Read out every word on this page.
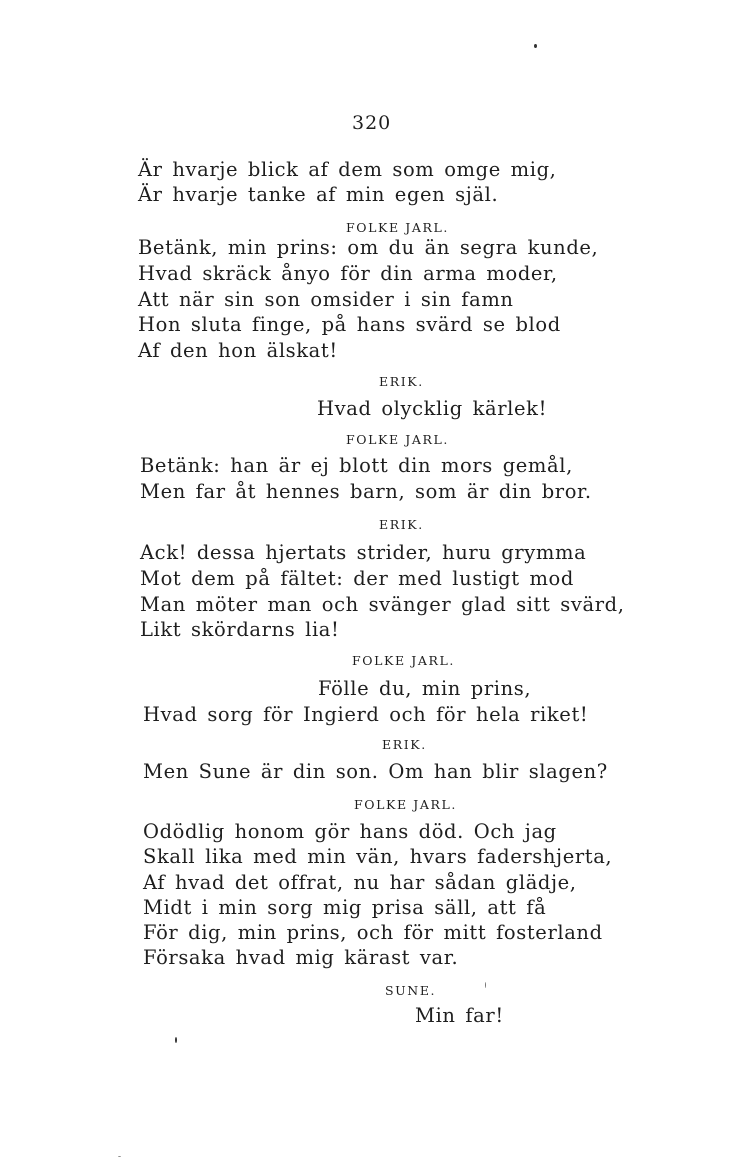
320
Är hvarje blick af dem som omge mig,
Är hvarje tanke af min egen själ.
FOLKE JARL.
Betänk, min prins: om du än segra kunde,
Hvad skräck ånyo för din arma moder,
Att när sin son omsider i sin famn
Hon sluta finge, på hans svärd se blod
Af den hon älskat!
ERIK.
Hvad olycklig kärlek!
FOLKE JARL.
Betänk: han är ej blott din mors gemål,
Men far åt hennes barn, som är din bror.
ERIK.
Ack! dessa hjertats strider, huru grymma
Mot dem på fältet: der med lustigt mod
Man möter man och svänger glad sitt svärd,
Likt skördarns lia!
FOLKE JARL.
Fölle du, min prins,
Hvad sorg för Ingierd och för hela riket!
ERIK.
Men Sune är din son. Om han blir slagen?
FOLKE JARL.
Odödlig honom gör hans död. Och jag
Skall lika med min vän, hvars fadershjerta,
Af hvad det offrat, nu har sådan glädje,
Midt i min sorg mig prisa säll, att få
För dig, min prins, och för mitt fosterland
Försaka hvad mig kärast var.
SUNE.
Min far!
